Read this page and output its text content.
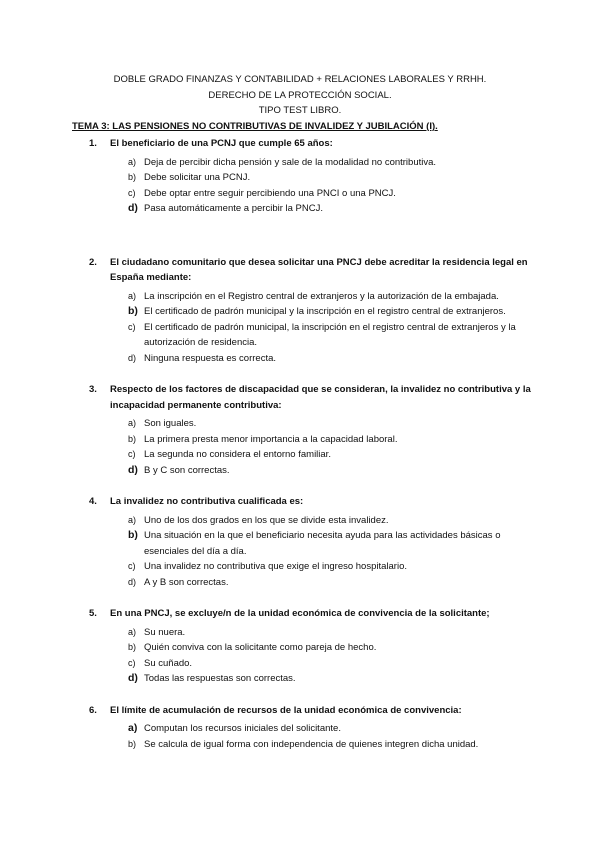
DOBLE GRADO FINANZAS Y CONTABILIDAD + RELACIONES LABORALES Y RRHH.
DERECHO DE LA PROTECCIÓN SOCIAL.
TIPO TEST LIBRO.
TEMA 3: LAS PENSIONES NO CONTRIBUTIVAS DE INVALIDEZ Y JUBILACIÓN (I).
1. El beneficiario de una PCNJ que cumple 65 años:
a) Deja de percibir dicha pensión y sale de la modalidad no contributiva.
b) Debe solicitar una PCNJ.
c) Debe optar entre seguir percibiendo una PNCI o una PNCJ.
d) Pasa automáticamente a percibir la PNCJ.
2. El ciudadano comunitario que desea solicitar una PNCJ debe acreditar la residencia legal en España mediante:
a) La inscripción en el Registro central de extranjeros y la autorización de la embajada.
b) El certificado de padrón municipal y la inscripción en el registro central de extranjeros.
c) El certificado de padrón municipal, la inscripción en el registro central de extranjeros y la autorización de residencia.
d) Ninguna respuesta es correcta.
3. Respecto de los factores de discapacidad que se consideran, la invalidez no contributiva y la incapacidad permanente contributiva:
a) Son iguales.
b) La primera presta menor importancia a la capacidad laboral.
c) La segunda no considera el entorno familiar.
d) B y C son correctas.
4. La invalidez no contributiva cualificada es:
a) Uno de los dos grados en los que se divide esta invalidez.
b) Una situación en la que el beneficiario necesita ayuda para las actividades básicas o esenciales del día a día.
c) Una invalidez no contributiva que exige el ingreso hospitalario.
d) A y B son correctas.
5. En una PNCJ, se excluye/n de la unidad económica de convivencia de la solicitante;
a) Su nuera.
b) Quién conviva con la solicitante como pareja de hecho.
c) Su cuñado.
d) Todas las respuestas son correctas.
6. El límite de acumulación de recursos de la unidad económica de convivencia:
a) Computan los recursos iniciales del solicitante.
b) Se calcula de igual forma con independencia de quienes integren dicha unidad.
